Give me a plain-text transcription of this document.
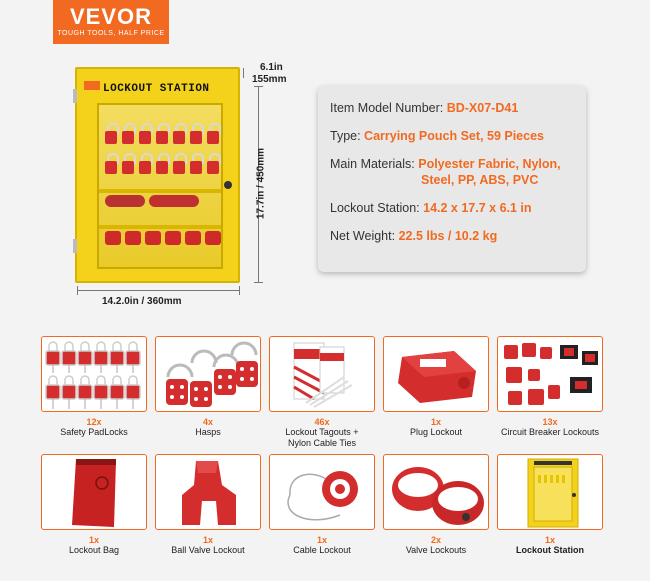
VEVOR
TOUGH TOOLS, HALF PRICE
LOCKOUT STATION
6.1in
155mm
17.7in / 450mm
14.2.0in / 360mm
Item Model Number: BD-X07-D41
Type: Carrying Pouch Set, 59 Pieces
Main Materials: Polyester Fabric, Nylon,
Steel, PP, ABS, PVC
Lockout Station: 14.2 x 17.7 x 6.1 in
Net Weight: 22.5 lbs / 10.2 kg
12x
Safety PadLocks
4x
Hasps
46x
Lockout Tagouts +
Nylon Cable Ties
1x
Plug Lockout
13x
Circuit Breaker Lockouts
1x
Lockout Bag
1x
Ball Valve Lockout
1x
Cable Lockout
2x
Valve Lockouts
1x
Lockout Station
